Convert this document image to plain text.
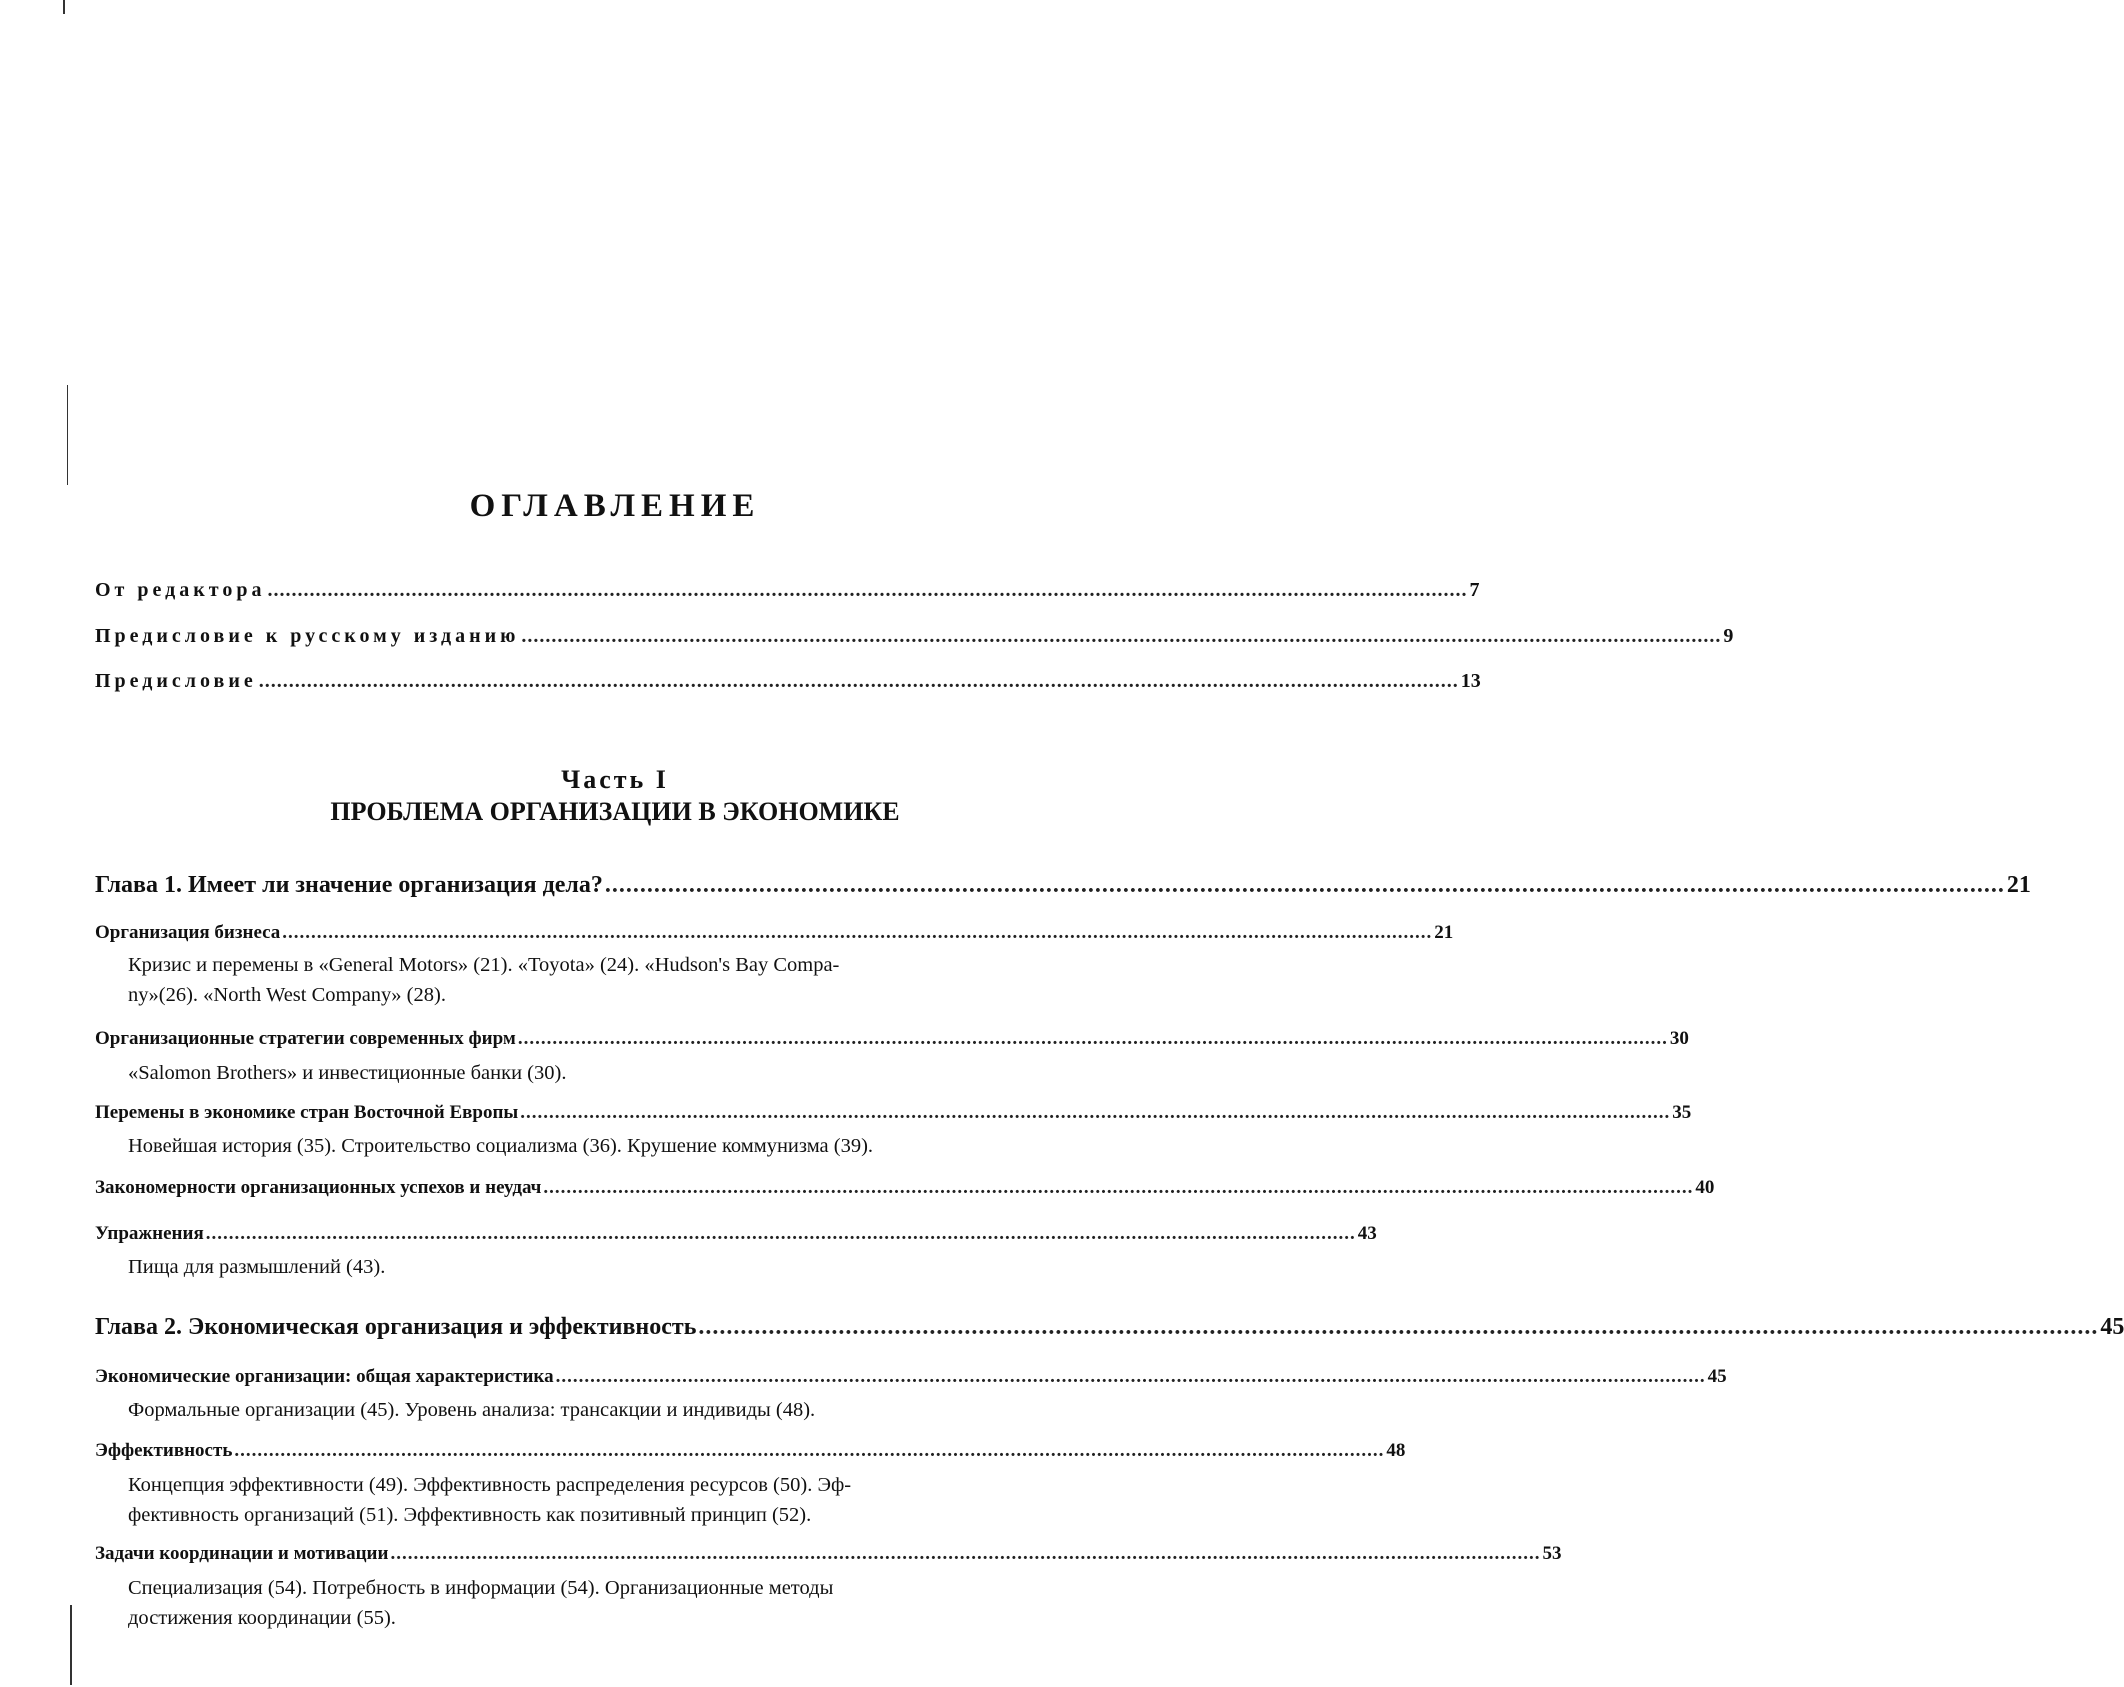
ОГЛАВЛЕНИЕ
От редактора ........................................................................................................................................................................................................ 7
Предисловие к русскому изданию ........................................................................................................................................................................................................ 9
Предисловие ........................................................................................................................................................................................................ 13
Часть I
ПРОБЛЕМА ОРГАНИЗАЦИИ В ЭКОНОМИКЕ
Глава 1. Имеет ли значение организация дела? ........................................................................................................................................................................................................ 21
Организация бизнеса ........................................................................................................................................................................................................ 21
Кризис и перемены в «General Motors» (21). «Toyota» (24). «Hudson's Bay Compa-
ny»(26). «North West Company» (28).
Организационные стратегии современных фирм ........................................................................................................................................................................................................ 30
«Salomon Brothers» и инвестиционные банки (30).
Перемены в экономике стран Восточной Европы ........................................................................................................................................................................................................ 35
Новейшая история (35). Строительство социализма (36). Крушение коммунизма (39).
Закономерности организационных успехов и неудач ........................................................................................................................................................................................................ 40
Упражнения ........................................................................................................................................................................................................ 43
Пища для размышлений (43).
Глава 2. Экономическая организация и эффективность ........................................................................................................................................................................................................ 45
Экономические организации: общая характеристика ........................................................................................................................................................................................................ 45
Формальные организации (45). Уровень анализа: трансакции и индивиды (48).
Эффективность ........................................................................................................................................................................................................ 48
Концепция эффективности (49). Эффективность распределения ресурсов (50). Эф-
фективность организаций (51). Эффективность как позитивный принцип (52).
Задачи координации и мотивации ........................................................................................................................................................................................................ 53
Специализация (54). Потребность в информации (54). Организационные методы
достижения координации (55).
